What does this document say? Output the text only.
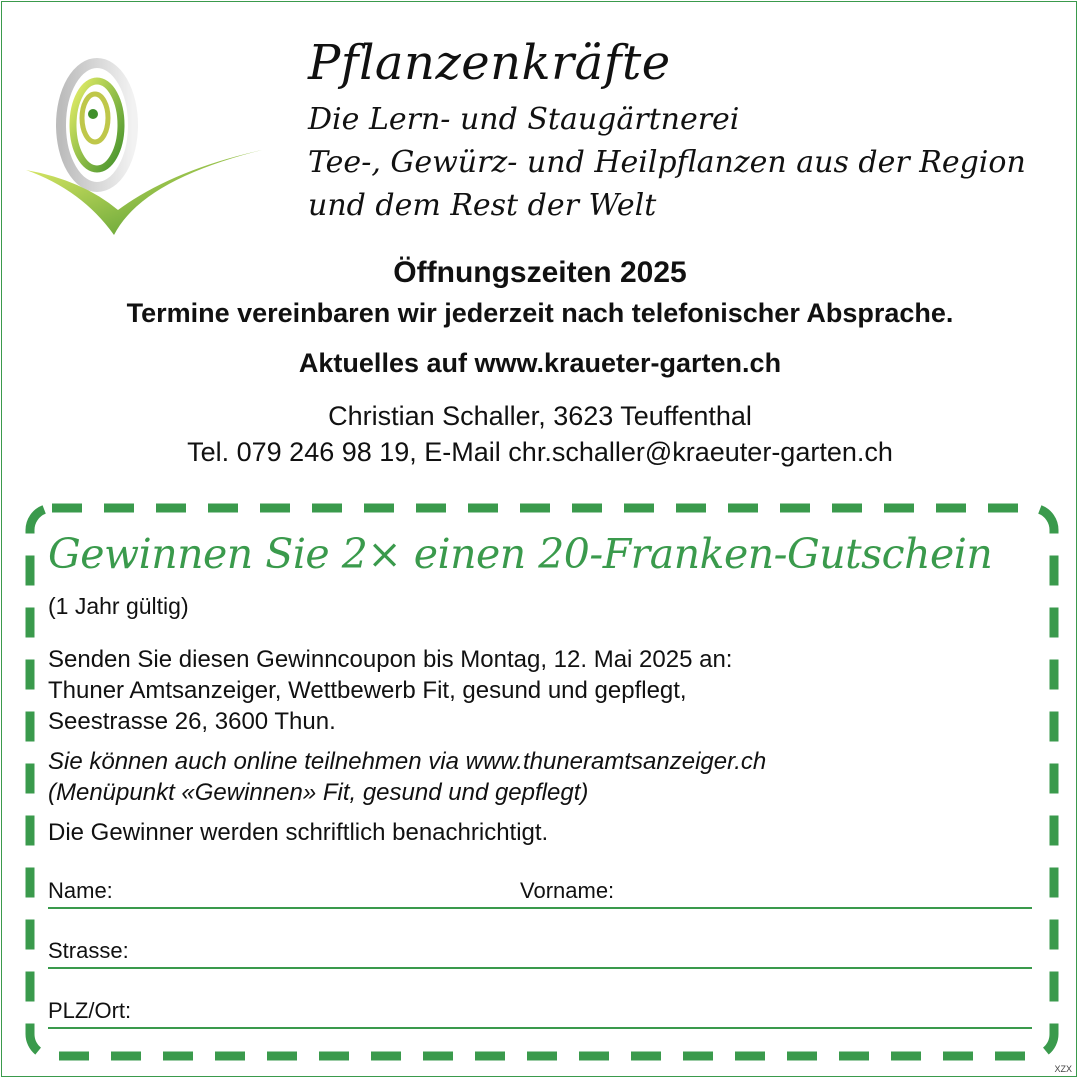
Pflanzenkräfte
Die Lern- und Staugärtnerei
Tee-, Gewürz- und Heilpflanzen aus der Region
und dem Rest der Welt
Öffnungszeiten 2025
Termine vereinbaren wir jederzeit nach telefonischer Absprache.
Aktuelles auf www.kraueter-garten.ch
Christian Schaller, 3623 Teuffenthal
Tel. 079 246 98 19, E-Mail chr.schaller@kraeuter-garten.ch
Gewinnen Sie 2× einen 20-Franken-Gutschein
(1 Jahr gültig)
Senden Sie diesen Gewinncoupon bis Montag, 12. Mai 2025 an:
Thuner Amtsanzeiger, Wettbewerb Fit, gesund und gepflegt,
Seestrasse 26, 3600 Thun.
Sie können auch online teilnehmen via www.thuneramtsanzeiger.ch
(Menüpunkt «Gewinnen» Fit, gesund und gepflegt)
Die Gewinner werden schriftlich benachrichtigt.
Name:	Vorname:
Strasse:
PLZ/Ort:
XZX
